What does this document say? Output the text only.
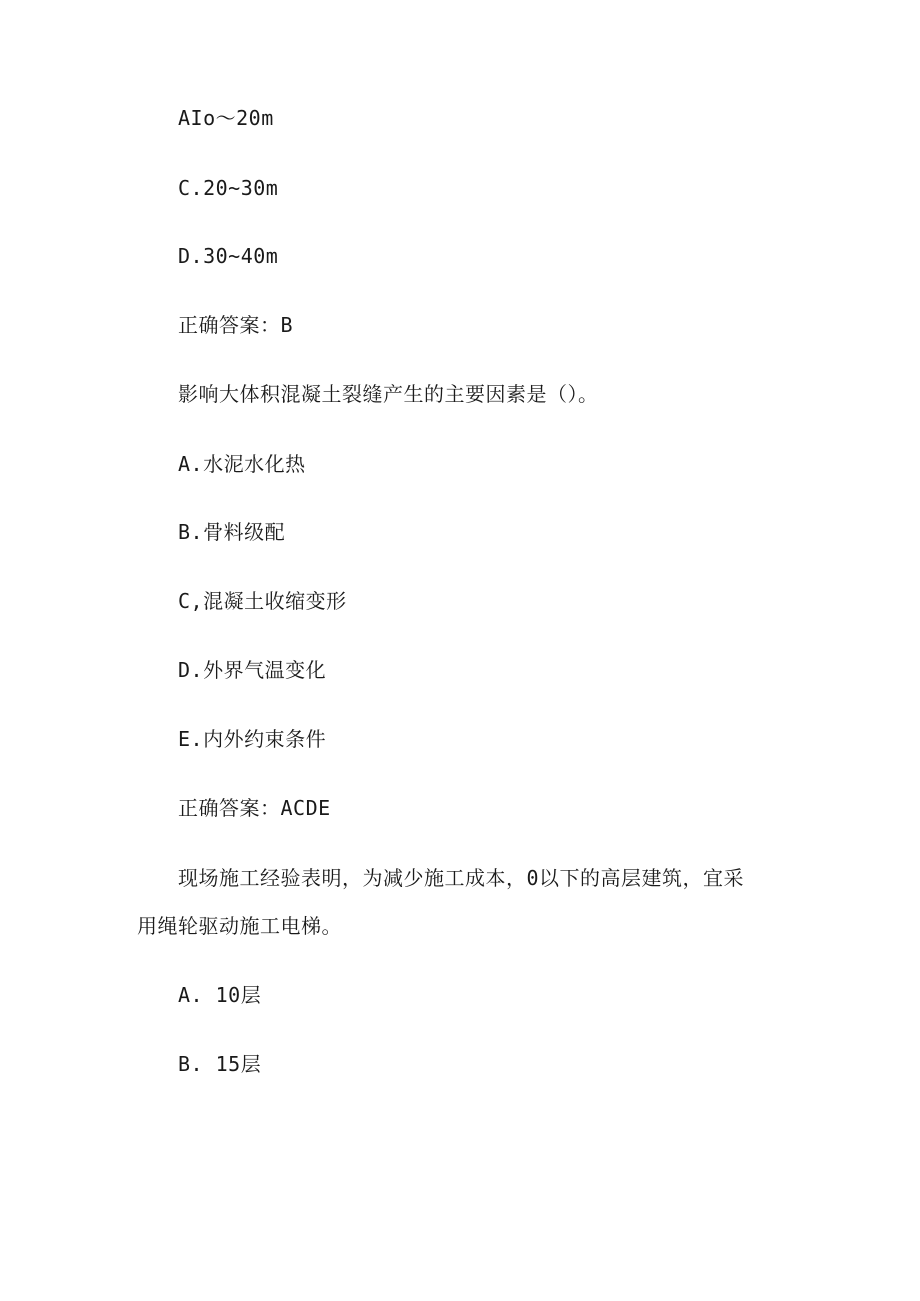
AIo～20m
C.20~30m
D.30~40m
正确答案：B
影响大体积混凝土裂缝产生的主要因素是（）。
A.水泥水化热
B.骨料级配
C,混凝土收缩变形
D.外界气温变化
E.内外约束条件
正确答案：ACDE
现场施工经验表明，为减少施工成本，0以下的高层建筑，宜采
用绳轮驱动施工电梯。
A. 10层
B. 15层
